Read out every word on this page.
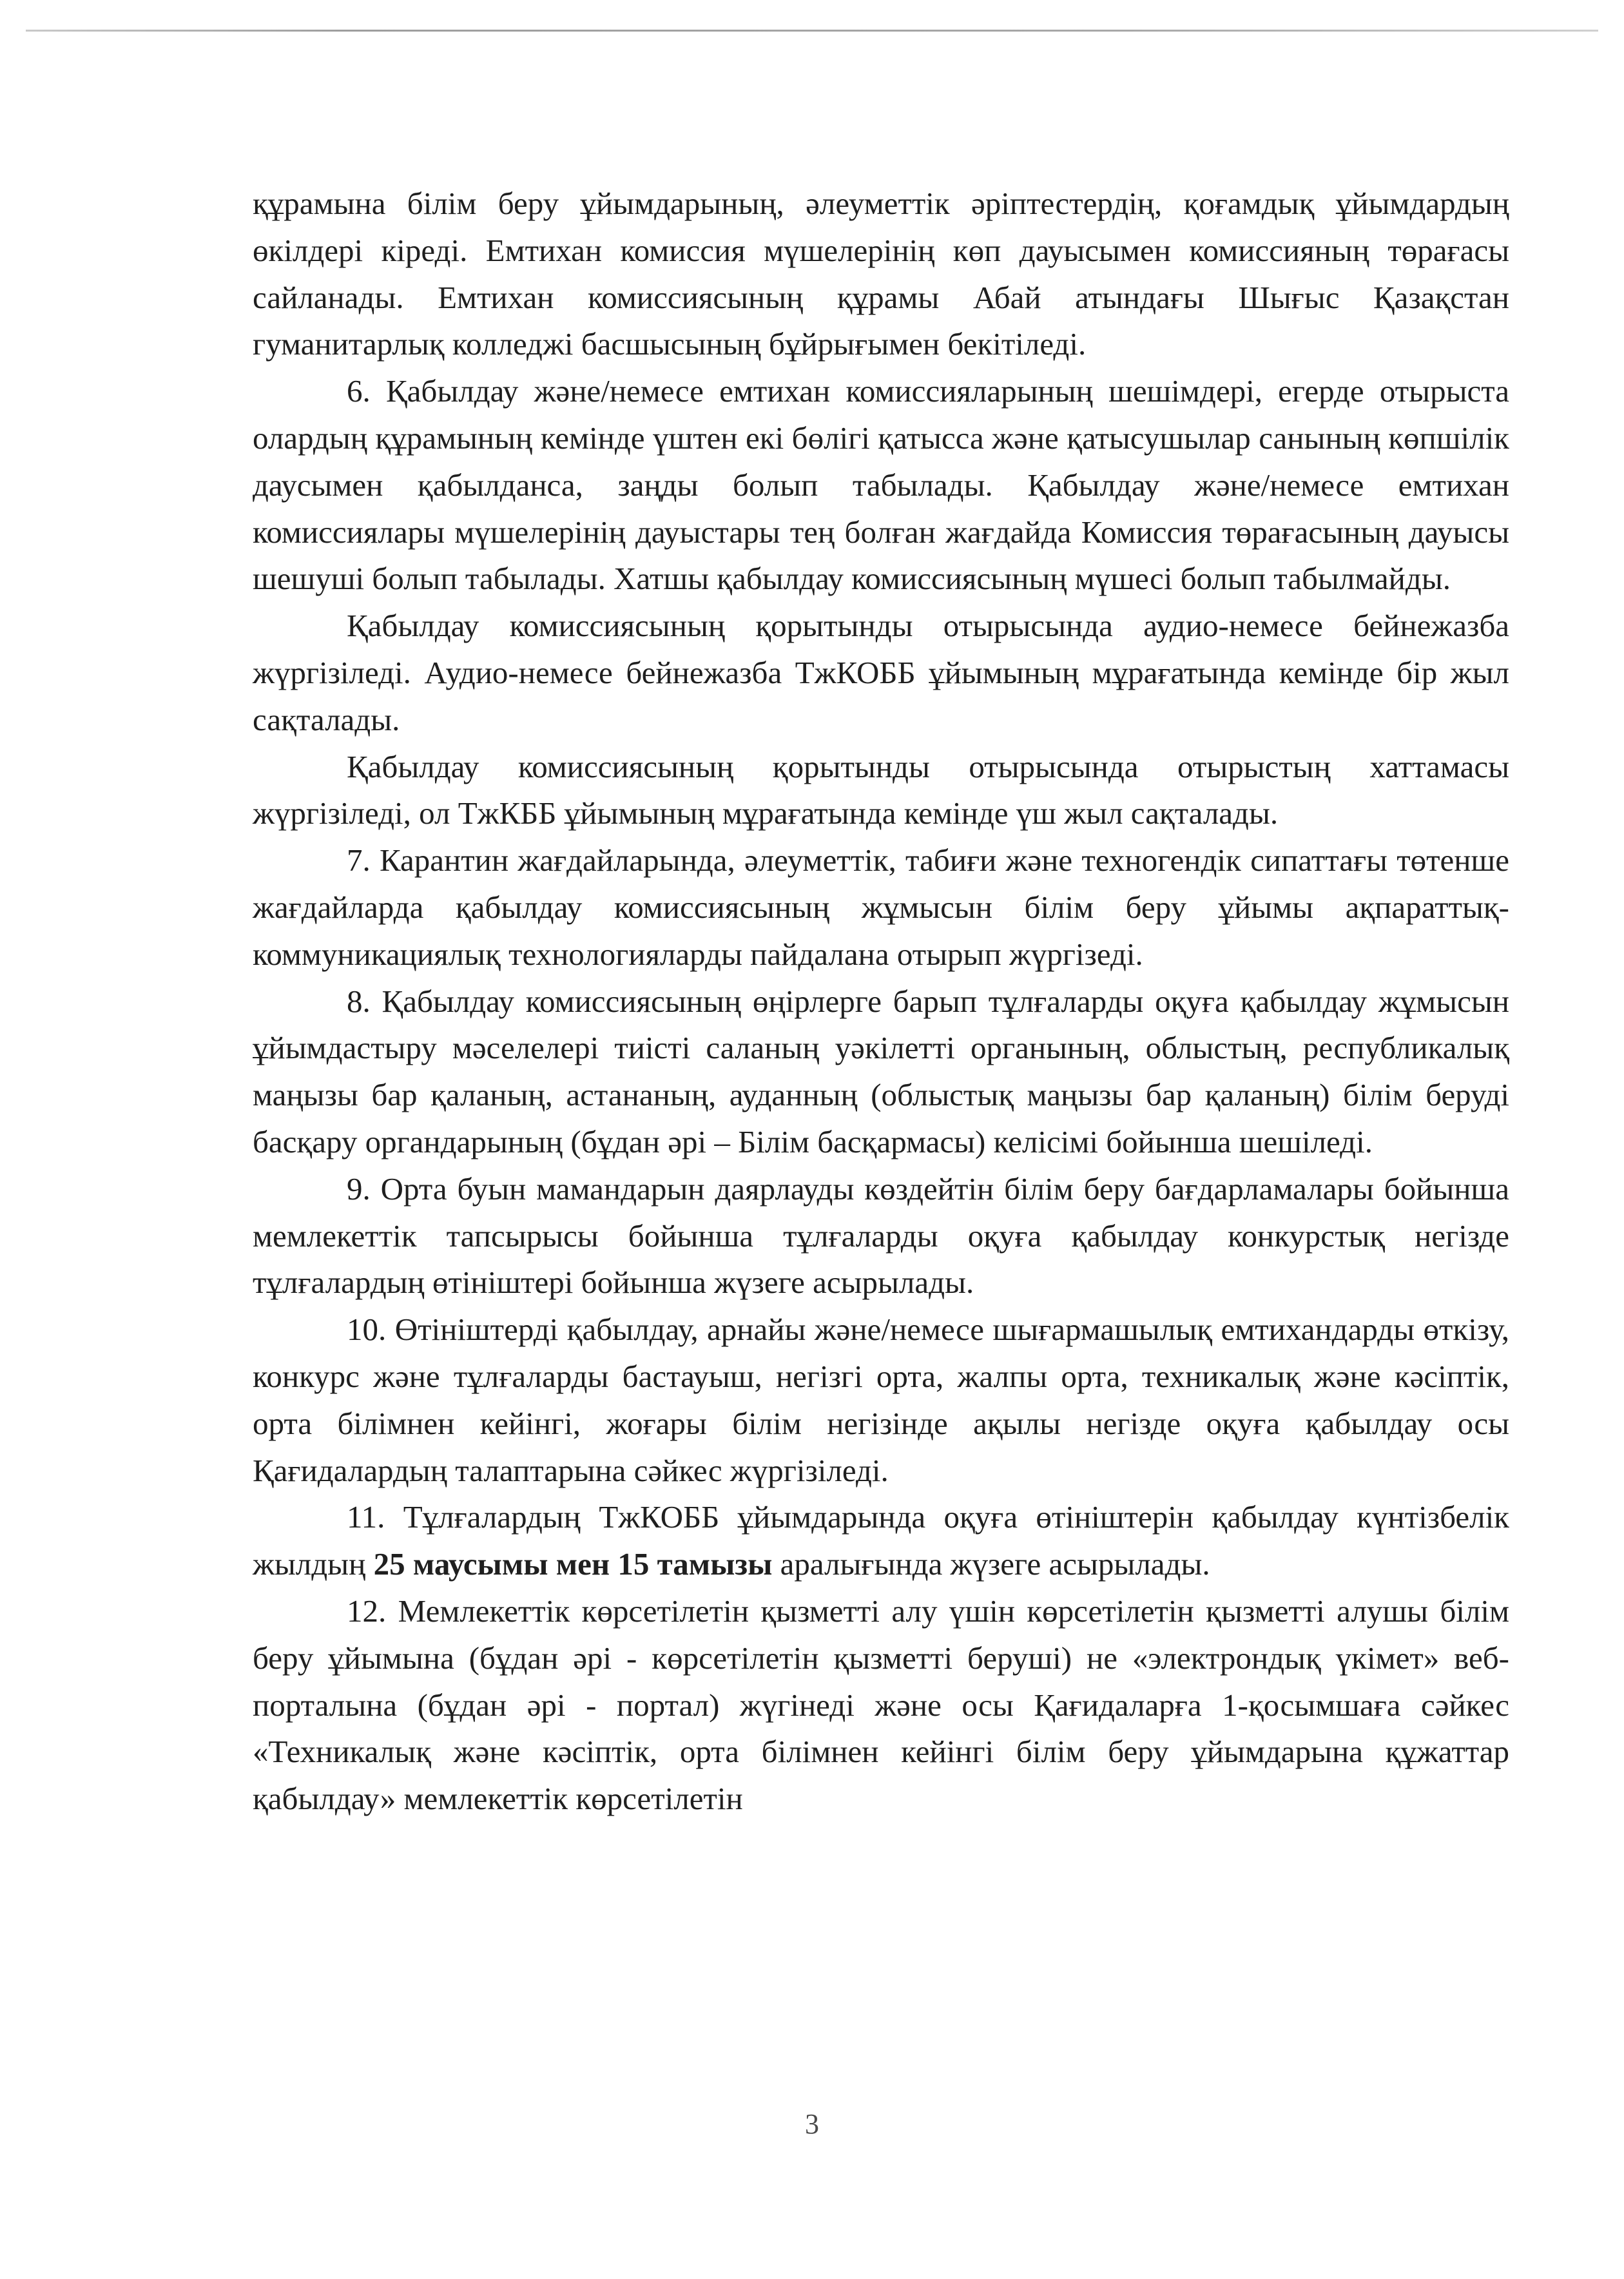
құрамына білім беру ұйымдарының, әлеуметтік әріптестердің, қоғамдық ұйымдардың өкілдері кіреді. Емтихан комиссия мүшелерінің көп дауысымен комиссияның төрағасы сайланады. Емтихан комиссиясының құрамы Абай атындағы Шығыс Қазақстан гуманитарлық колледжі басшысының бұйрығымен бекітіледі.

6. Қабылдау және/немесе емтихан комиссияларының шешімдері, егерде отырыста олардың құрамының кемінде үштен екі бөлігі қатысса және қатысушылар санының көпшілік даусымен қабылданса, заңды болып табылады. Қабылдау және/немесе емтихан комиссиялары мүшелерінің дауыстары тең болған жағдайда Комиссия төрағасының дауысы шешуші болып табылады. Хатшы қабылдау комиссиясының мүшесі болып табылмайды.

Қабылдау комиссиясының қорытынды отырысында аудио-немесе бейнежазба жүргізіледі. Аудио-немесе бейнежазба ТжКОББ ұйымының мұрағатында кемінде бір жыл сақталады.

Қабылдау комиссиясының қорытынды отырысында отырыстың хаттамасы жүргізіледі, ол ТжКББ ұйымының мұрағатында кемінде үш жыл сақталады.

7. Карантин жағдайларында, әлеуметтік, табиғи және техногендік сипаттағы төтенше жағдайларда қабылдау комиссиясының жұмысын білім беру ұйымы ақпараттық-коммуникациялық технологияларды пайдалана отырып жүргізеді.

8. Қабылдау комиссиясының өңірлерге барып тұлғаларды оқуға қабылдау жұмысын ұйымдастыру мәселелері тиісті саланың уәкілетті органының, облыстың, республикалық маңызы бар қаланың, астананың, ауданның (облыстық маңызы бар қаланың) білім беруді басқару органдарының (бұдан әрі – Білім басқармасы) келісімі бойынша шешіледі.

9. Орта буын мамандарын даярлауды көздейтін білім беру бағдарламалары бойынша мемлекеттік тапсырысы бойынша тұлғаларды оқуға қабылдау конкурстық негізде тұлғалардың өтініштері бойынша жүзеге асырылады.

10. Өтініштерді қабылдау, арнайы және/немесе шығармашылық емтихандарды өткізу, конкурс және тұлғаларды бастауыш, негізгі орта, жалпы орта, техникалық және кәсіптік, орта білімнен кейінгі, жоғары білім негізінде ақылы негізде оқуға қабылдау осы Қағидалардың талаптарына сәйкес жүргізіледі.

11. Тұлғалардың ТжКОББ ұйымдарында оқуға өтініштерін қабылдау күнтізбелік жылдың 25 маусымы мен 15 тамызы аралығында жүзеге асырылады.

12. Мемлекеттік көрсетілетін қызметті алу үшін көрсетілетін қызметті алушы білім беру ұйымына (бұдан әрі - көрсетілетін қызметті беруші) не «электрондық үкімет» веб-порталына (бұдан әрі - портал) жүгінеді және осы Қағидаларға 1-қосымшаға сәйкес «Техникалық және кәсіптік, орта білімнен кейінгі білім беру ұйымдарына құжаттар қабылдау» мемлекеттік көрсетілетін

3
